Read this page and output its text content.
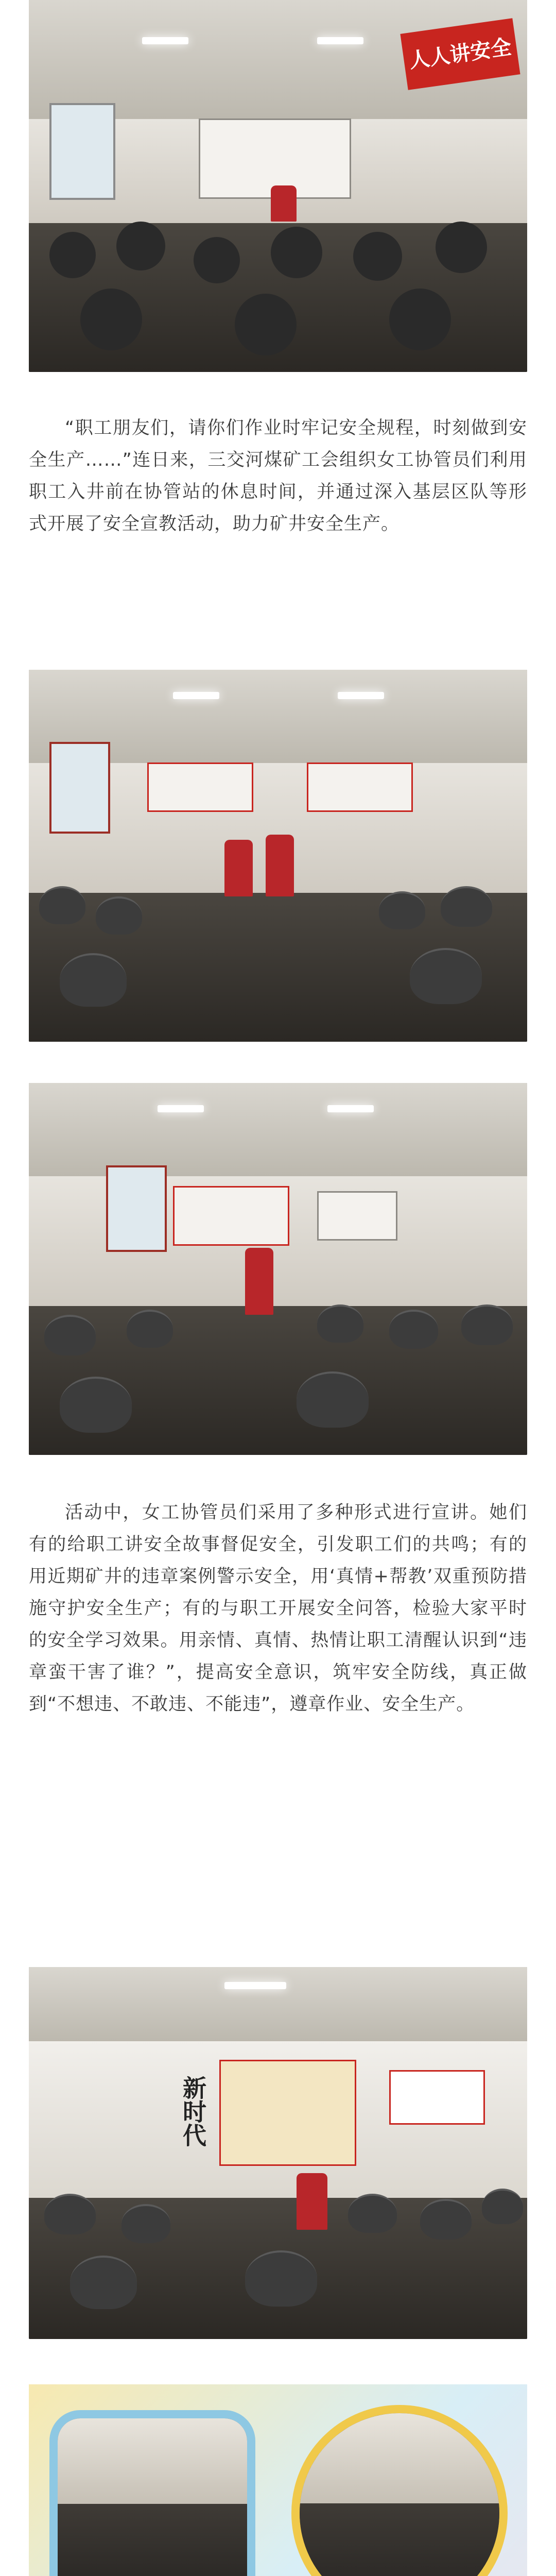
人人讲安全

“职工朋友们，请你们作业时牢记安全规程，时刻做到安全生产……”连日来，三交河煤矿工会组织女工协管员们利用职工入井前在协管站的休息时间，并通过深入基层区队等形式开展了安全宣教活动，助力矿井安全生产。

活动中，女工协管员们采用了多种形式进行宣讲。她们有的给职工讲安全故事督促安全，引发职工们的共鸣；有的用近期矿井的违章案例警示安全，用‘真情+帮教’双重预防措施守护安全生产；有的与职工开展安全问答，检验大家平时的安全学习效果。用亲情、真情、热情让职工清醒认识到“违章蛮干害了谁？”，提高安全意识，筑牢安全防线，真正做到“不想违、不敢违、不能违”，遵章作业、安全生产。

新时代
